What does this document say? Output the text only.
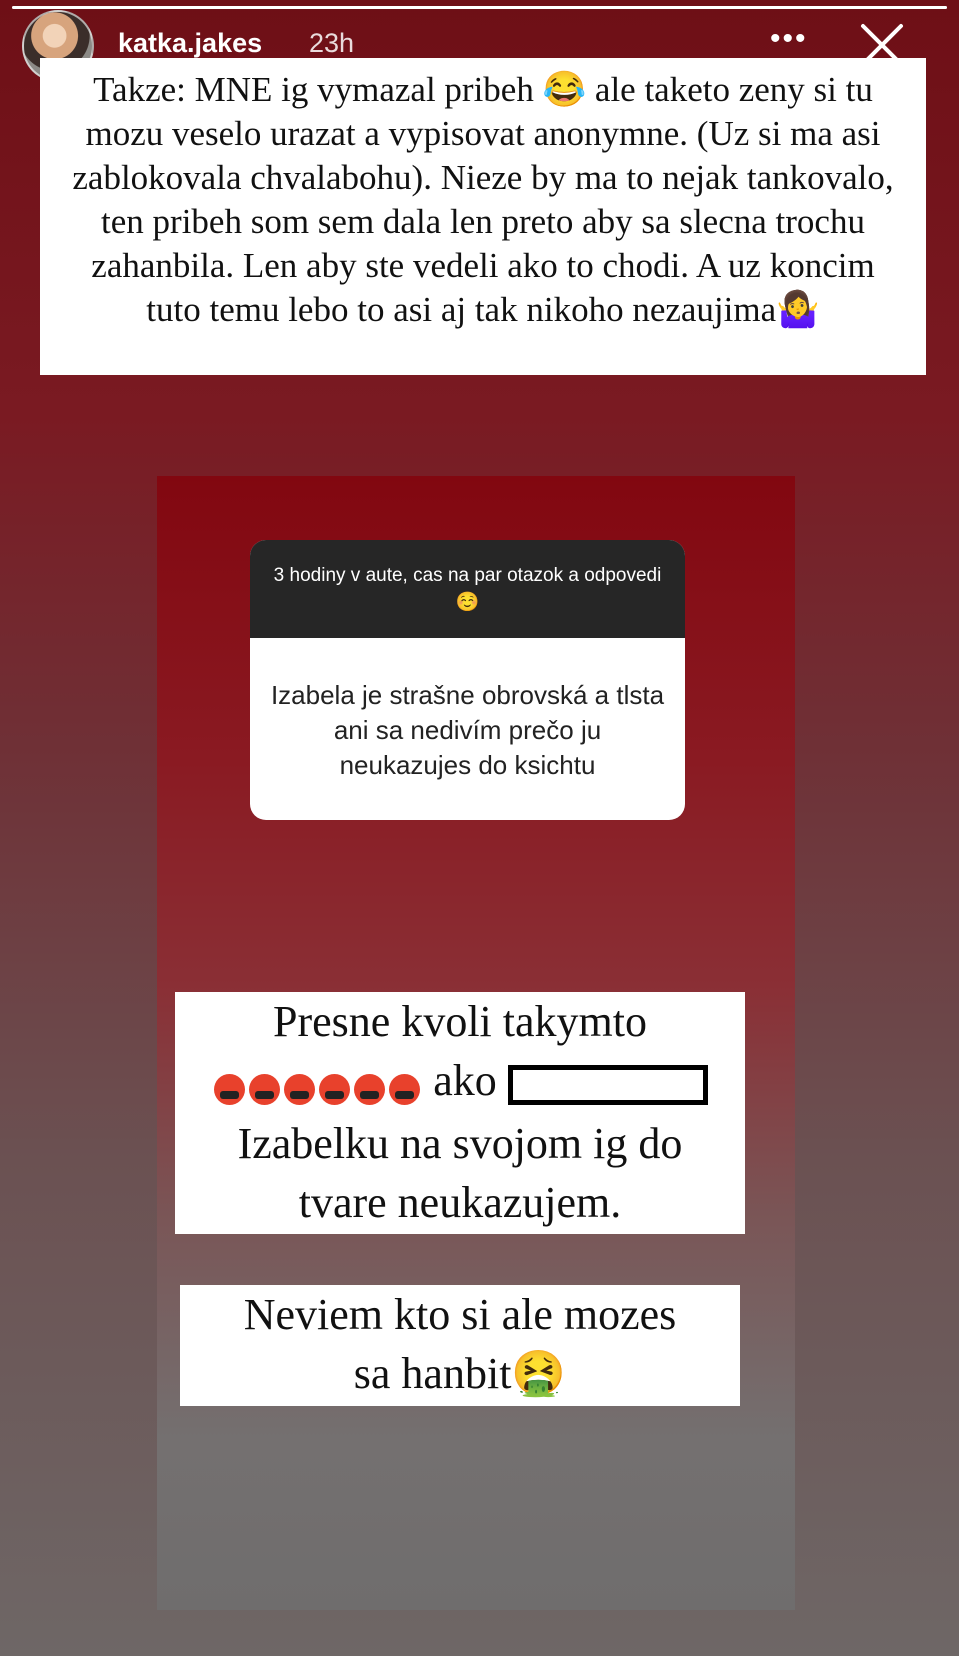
katka.jakes 23h	•••
Takze: MNE ig vymazal pribeh 😂 ale taketo zeny si tu mozu veselo urazat a vypisovat anonymne. (Uz si ma asi zablokovala chvalabohu). Nieze by ma to nejak tankovalo, ten pribeh som sem dala len preto aby sa slecna trochu zahanbila. Len aby ste vedeli ako to chodi. A uz koncim tuto temu lebo to asi aj tak nikoho nezaujima🤷‍♀️
3 hodiny v aute, cas na par otazok a odpovedi☺️
Izabela je strašne obrovská a tlsta ani sa nedivím prečo ju neukazujes do ksichtu
Presne kvoli takymto
ako
Izabelku na svojom ig do
tvare neukazujem.
Neviem kto si ale mozes
sa hanbit🤮
